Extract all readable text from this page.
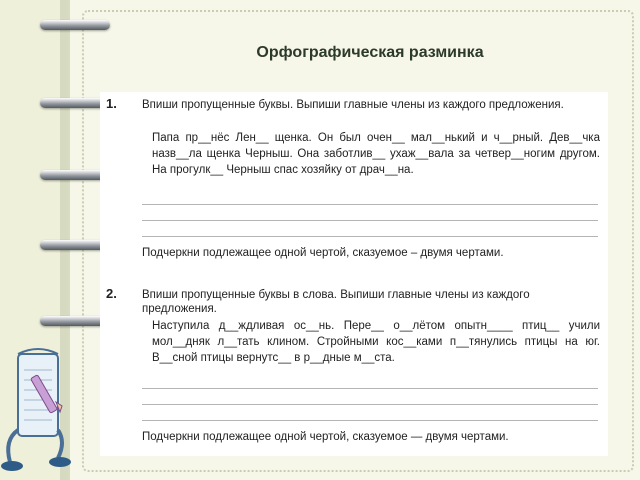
Орфографическая разминка
1. Впиши пропущенные буквы. Выпиши главные члены из каждого предложения.
Папа пр__нёс Лен__ щенка. Он был очен__ мал__нький и ч__рный. Дев__чка назв__ла щенка Черныш. Она заботлив__ ухаж__вала за четвер__ногим другом. На прогулк__ Черныш спас хозяйку от драч__на.
Подчеркни подлежащее одной чертой, сказуемое – двумя чертами.
2. Впиши пропущенные буквы в слова. Выпиши главные члены из каждого предложения.
Наступила д__ждливая ос__нь. Пере__ о__лётом опытн____ птиц__ учили мол__дняк л__тать клином. Стройными кос__ками п__тянулись птицы на юг. В__сной птицы вернутс__ в р__дные м__ста.
Подчеркни подлежащее одной чертой, сказуемое — двумя чертами.
